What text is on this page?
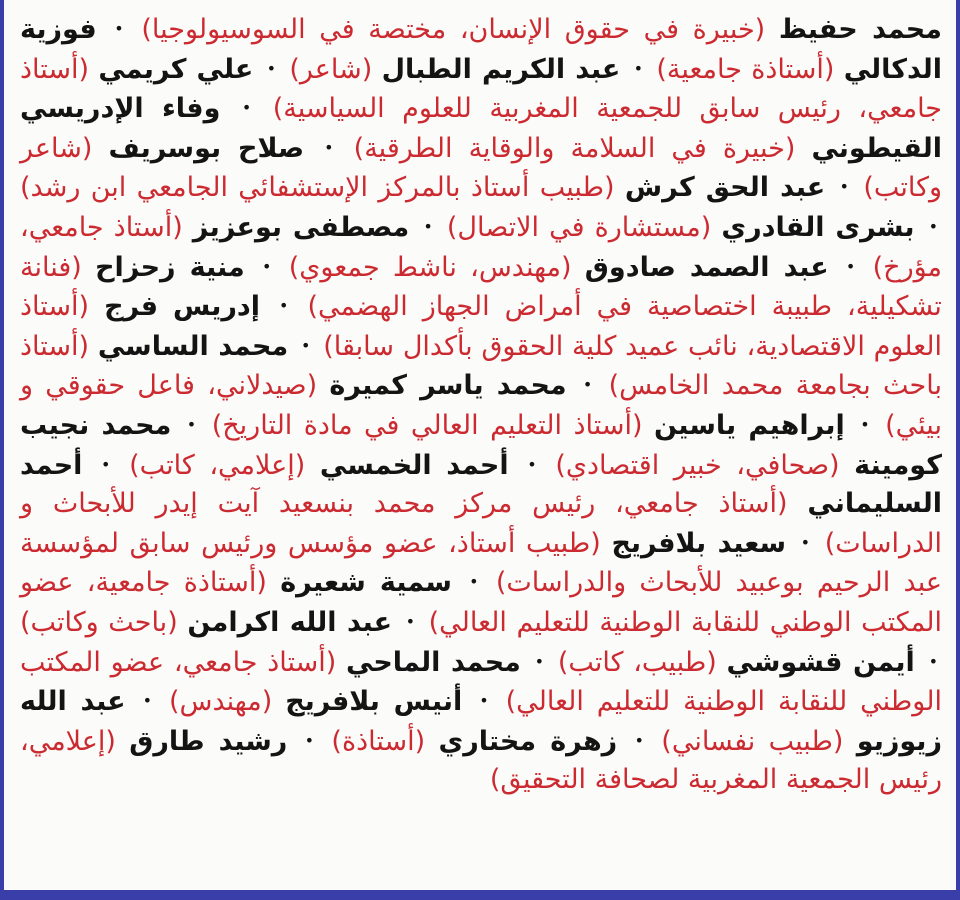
محمد حفيظ (خبيرة في حقوق الإنسان، مختصة في السوسيولوجيا) • فوزية الدكالي (أستاذة جامعية) • عبد الكريم الطبال (شاعر) • علي كريمي (أستاذ جامعي، رئيس سابق للجمعية المغربية للعلوم السياسية) • وفاء الإدريسي القيطوني (خبيرة في السلامة والوقاية الطرقية) • صلاح بوسريف (شاعر وكاتب) • عبد الحق كرش (طبيب أستاذ بالمركز الإستشفائي الجامعي ابن رشد) • بشرى القادري (مستشارة في الاتصال) • مصطفى بوعزيز (أستاذ جامعي، مؤرخ) • عبد الصمد صادوق (مهندس، ناشط جمعوي) • منية زحزاح (فنانة تشكيلية، طبيبة اختصاصية في أمراض الجهاز الهضمي) • إدريس فرج (أستاذ العلوم الاقتصادية، نائب عميد كلية الحقوق بأكدال سابقا) • محمد الساسي (أستاذ باحث بجامعة محمد الخامس) • محمد ياسر كميرة (صيدلاني، فاعل حقوقي و بيئي) • إبراهيم ياسين (أستاذ التعليم العالي في مادة التاريخ) • محمد نجيب كومينة (صحافي، خبير اقتصادي) • أحمد الخمسي (إعلامي، كاتب) • أحمد السليماني (أستاذ جامعي، رئيس مركز محمد بنسعيد آيت إيدر للأبحاث و الدراسات) • سعيد بلافريج (طبيب أستاذ، عضو مؤسس ورئيس سابق لمؤسسة عبد الرحيم بوعبيد للأبحاث والدراسات) • سمية شعيرة (أستاذة جامعية، عضو المكتب الوطني للنقابة الوطنية للتعليم العالي) • عبد الله اكرامن (باحث وكاتب) • أيمن قشوشي (طبيب، كاتب) • محمد الماحي (أستاذ جامعي، عضو المكتب الوطني للنقابة الوطنية للتعليم العالي) • أنيس بلافريج (مهندس) • عبد الله زيوزيو (طبيب نفساني) • زهرة مختاري (أستاذة) • رشيد طارق (إعلامي، رئيس الجمعية المغربية لصحافة التحقيق)
